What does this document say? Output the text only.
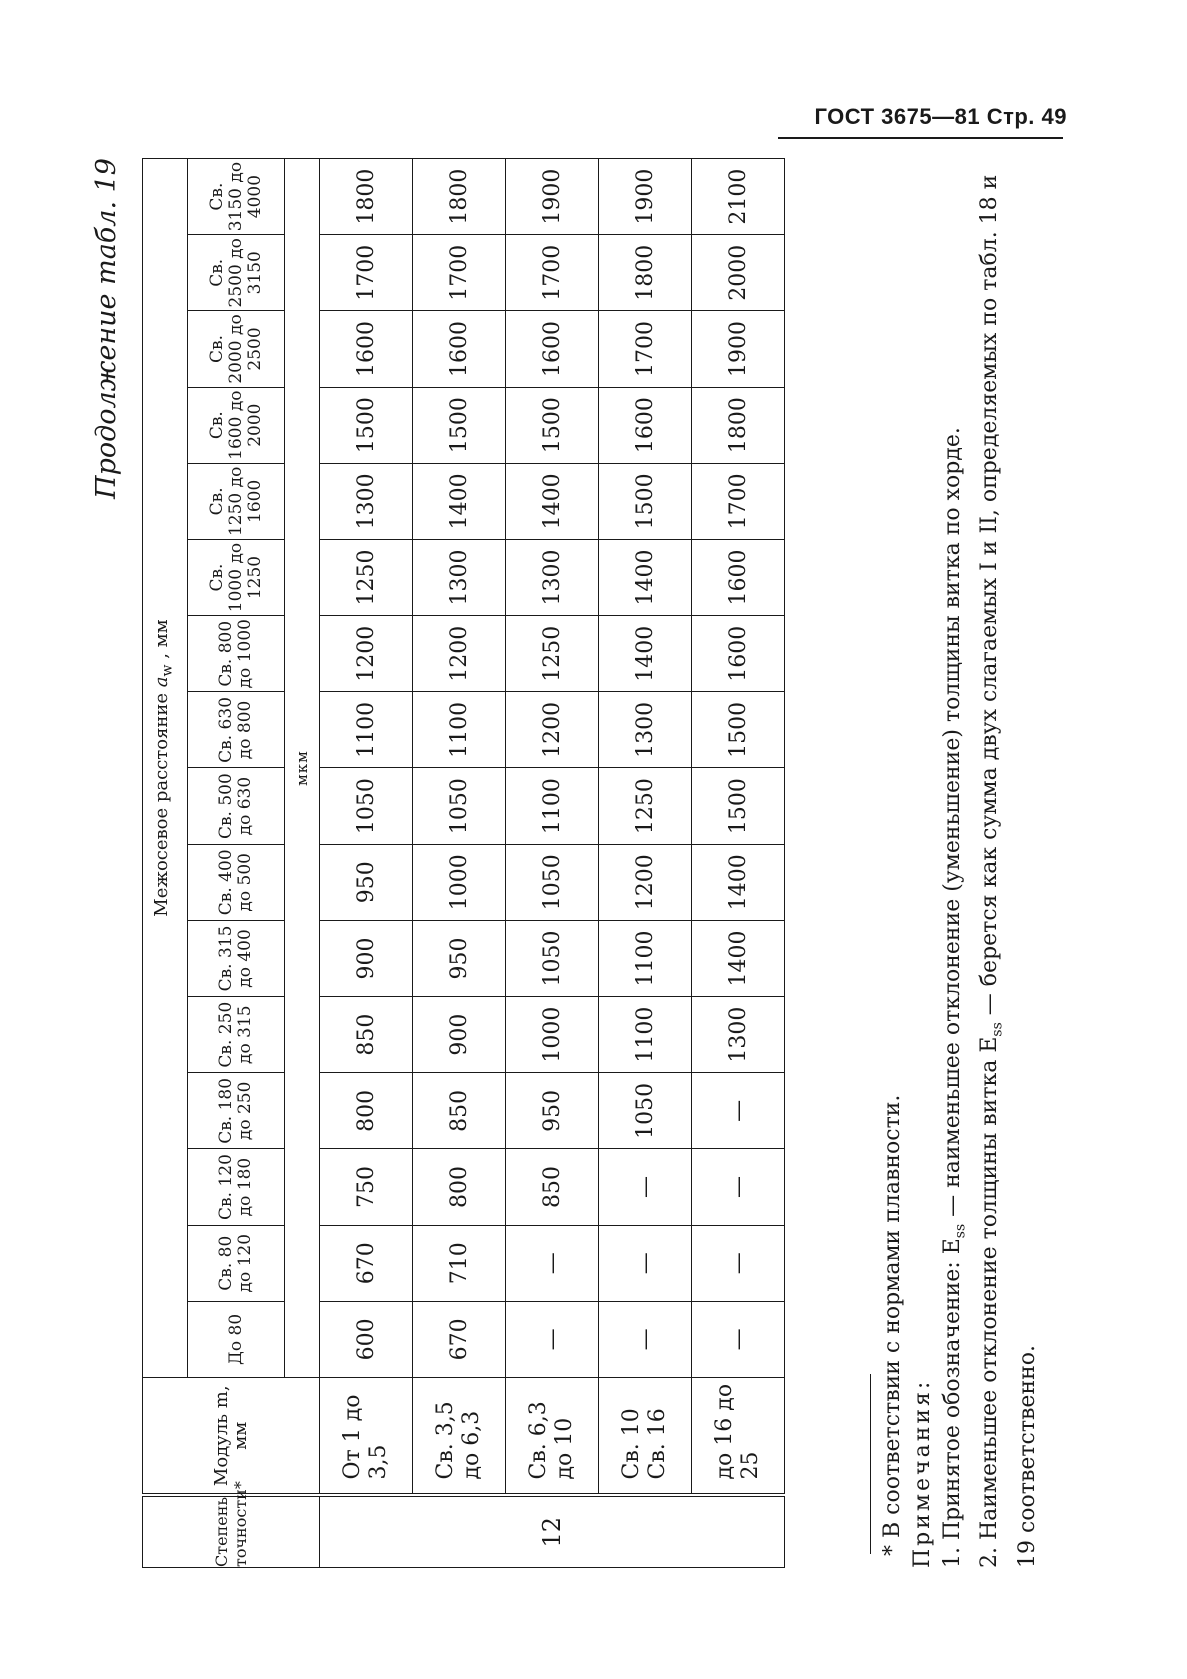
ГОСТ 3675—81 Стр. 49
Продолжение табл. 19
Степень точности*	Модуль m, мм	Межосевое расстояние $a_w$ , мм															
		До 80	Св. 80 до 120	Св. 120 до 180	Св. 180 до 250	Св. 250 до 315	Св. 315 до 400	Св. 400 до 500	Св. 500 до 630	Св. 630 до 800	Св. 800 до 1000	Св. 1000 до 1250	Св. 1250 до 1600	Св. 1600 до 2000	Св. 2000 до 2500	Св. 2500 до 3150	Св. 3150 до 4000
		мкм															
12	От 1 до 3,5	600	670	750	800	850	900	950	1050	1100	1200	1250	1300	1500	1600	1700	1800
	Св. 3,5 до 6,3	670	710	800	850	900	950	1000	1050	1100	1200	1300	1400	1500	1600	1700	1800
	Св. 6,3 до 10	—	—	850	950	1000	1050	1050	1100	1200	1250	1300	1400	1500	1600	1700	1900
	Св. 10 Св. 16	—	—	—	1050	1100	1100	1200	1250	1300	1400	1400	1500	1600	1700	1800	1900
	до 16 до 25	—	—	—	—	1300	1400	1400	1500	1500	1600	1600	1700	1800	1900	2000	2100
* В соответствии с нормами плавности. Примечания: 1. Принятое обозначение: $E_{ss}$ — наименьшее отклонение (уменьшение) толщины витка по хорде.
2. Наименьшее отклонение толщины витка $E_{ss}$ — берется как сумма двух слагаемых I и II, определяемых по табл. 18 и 19 соответственно.
